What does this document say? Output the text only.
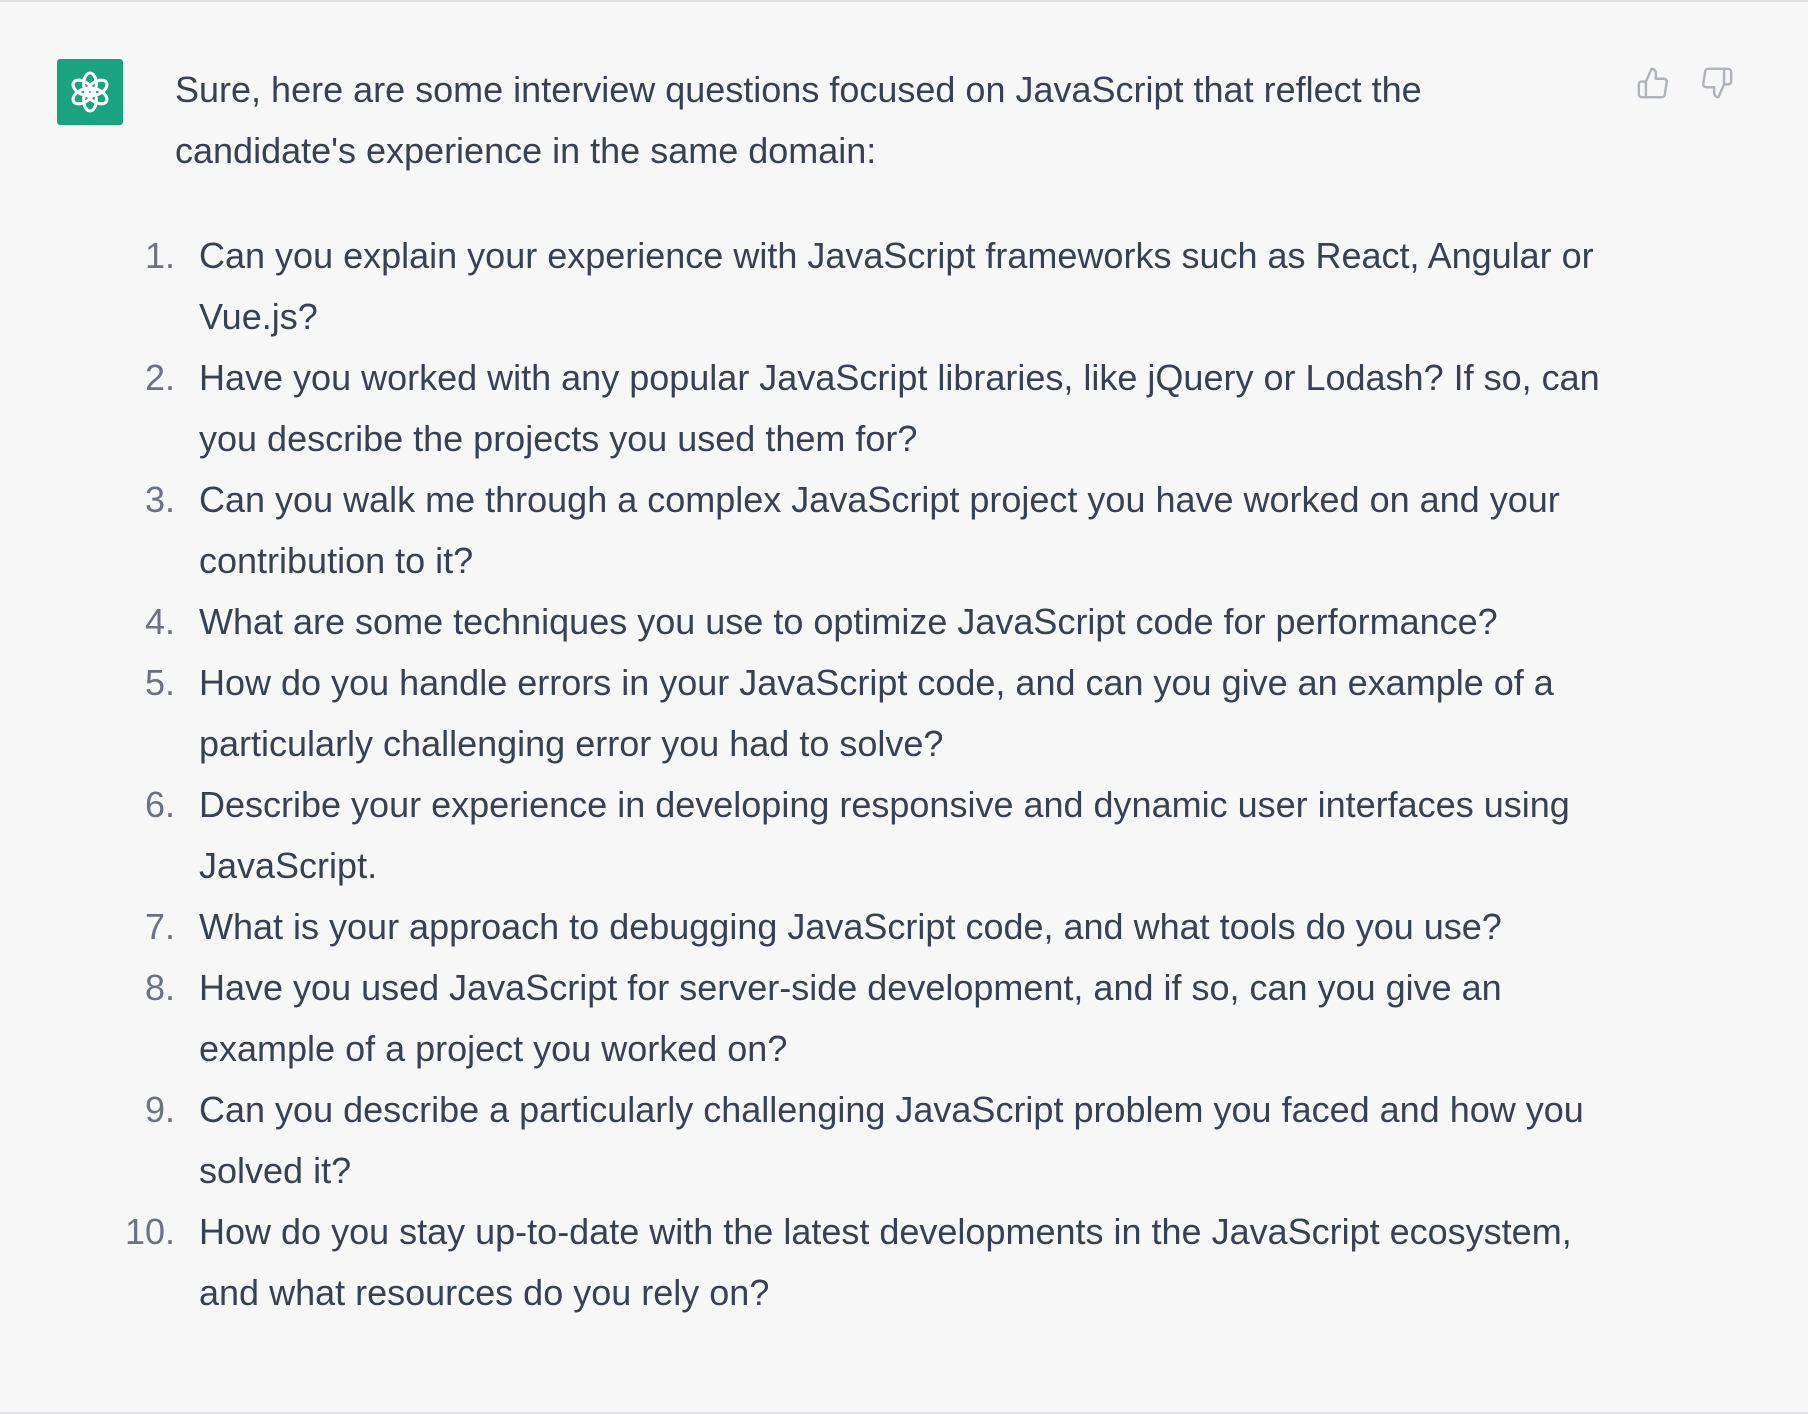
Sure, here are some interview questions focused on JavaScript that reflect the candidate's experience in the same domain:

1. Can you explain your experience with JavaScript frameworks such as React, Angular or Vue.js?
2. Have you worked with any popular JavaScript libraries, like jQuery or Lodash? If so, can you describe the projects you used them for?
3. Can you walk me through a complex JavaScript project you have worked on and your contribution to it?
4. What are some techniques you use to optimize JavaScript code for performance?
5. How do you handle errors in your JavaScript code, and can you give an example of a particularly challenging error you had to solve?
6. Describe your experience in developing responsive and dynamic user interfaces using JavaScript.
7. What is your approach to debugging JavaScript code, and what tools do you use?
8. Have you used JavaScript for server-side development, and if so, can you give an example of a project you worked on?
9. Can you describe a particularly challenging JavaScript problem you faced and how you solved it?
10. How do you stay up-to-date with the latest developments in the JavaScript ecosystem, and what resources do you rely on?
